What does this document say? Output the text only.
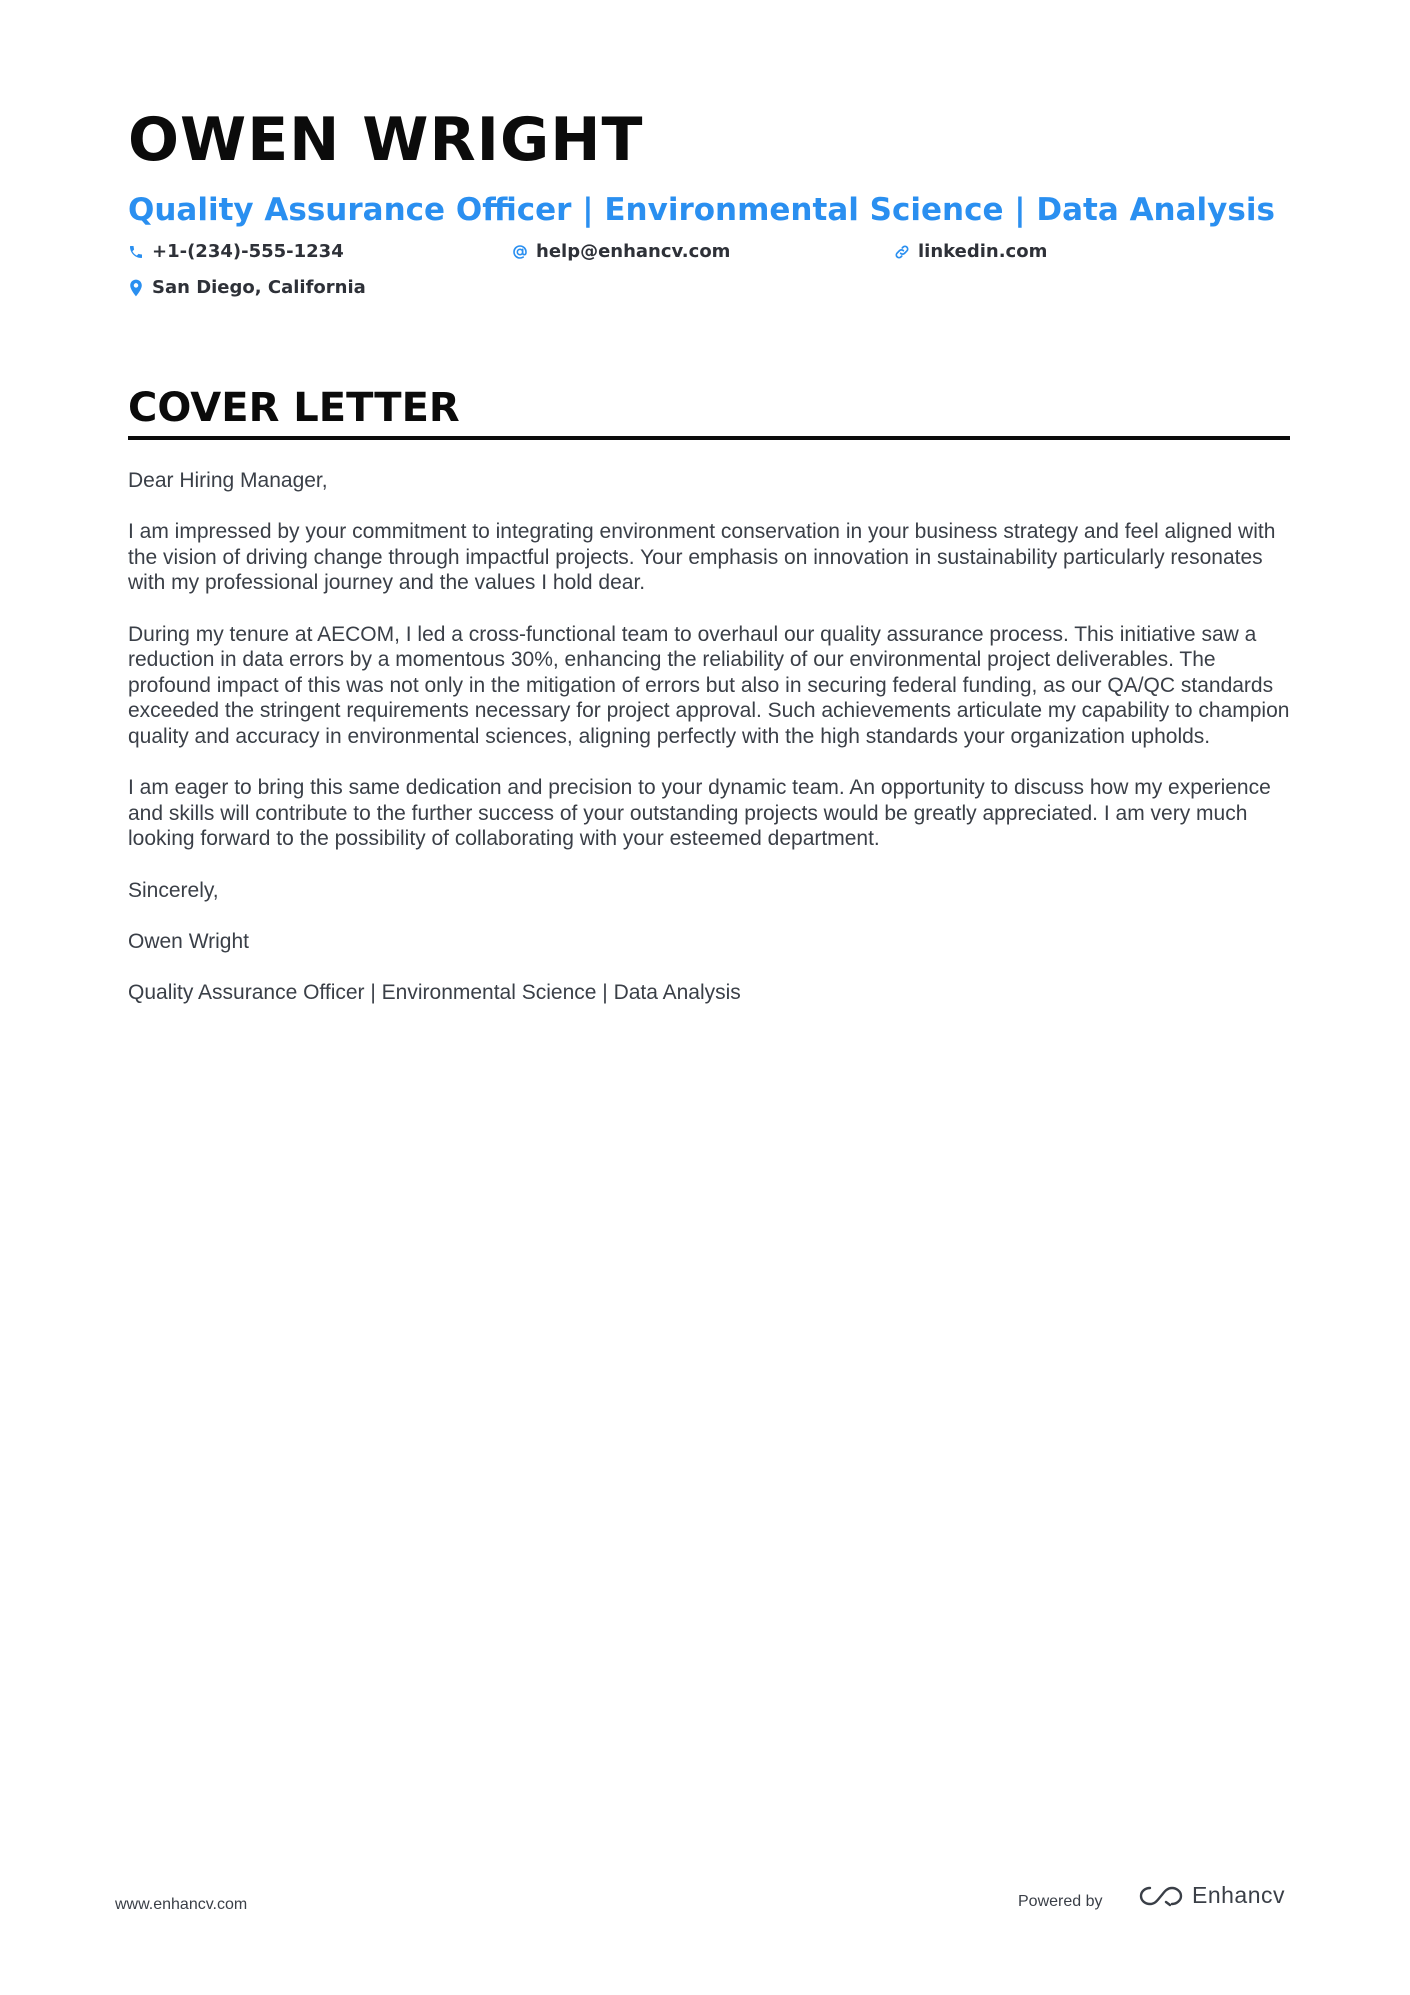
OWEN WRIGHT
Quality Assurance Officer | Environmental Science | Data Analysis
+1-(234)-555-1234	help@enhancv.com	linkedin.com
San Diego, California
COVER LETTER

Dear Hiring Manager,

I am impressed by your commitment to integrating environment conservation in your business strategy and feel aligned with the vision of driving change through impactful projects. Your emphasis on innovation in sustainability particularly resonates with my professional journey and the values I hold dear.

During my tenure at AECOM, I led a cross-functional team to overhaul our quality assurance process. This initiative saw a reduction in data errors by a momentous 30%, enhancing the reliability of our environmental project deliverables. The profound impact of this was not only in the mitigation of errors but also in securing federal funding, as our QA/QC standards exceeded the stringent requirements necessary for project approval. Such achievements articulate my capability to champion quality and accuracy in environmental sciences, aligning perfectly with the high standards your organization upholds.

I am eager to bring this same dedication and precision to your dynamic team. An opportunity to discuss how my experience and skills will contribute to the further success of your outstanding projects would be greatly appreciated. I am very much looking forward to the possibility of collaborating with your esteemed department.

Sincerely,

Owen Wright

Quality Assurance Officer | Environmental Science | Data Analysis

www.enhancv.com	Powered by	Enhancv
